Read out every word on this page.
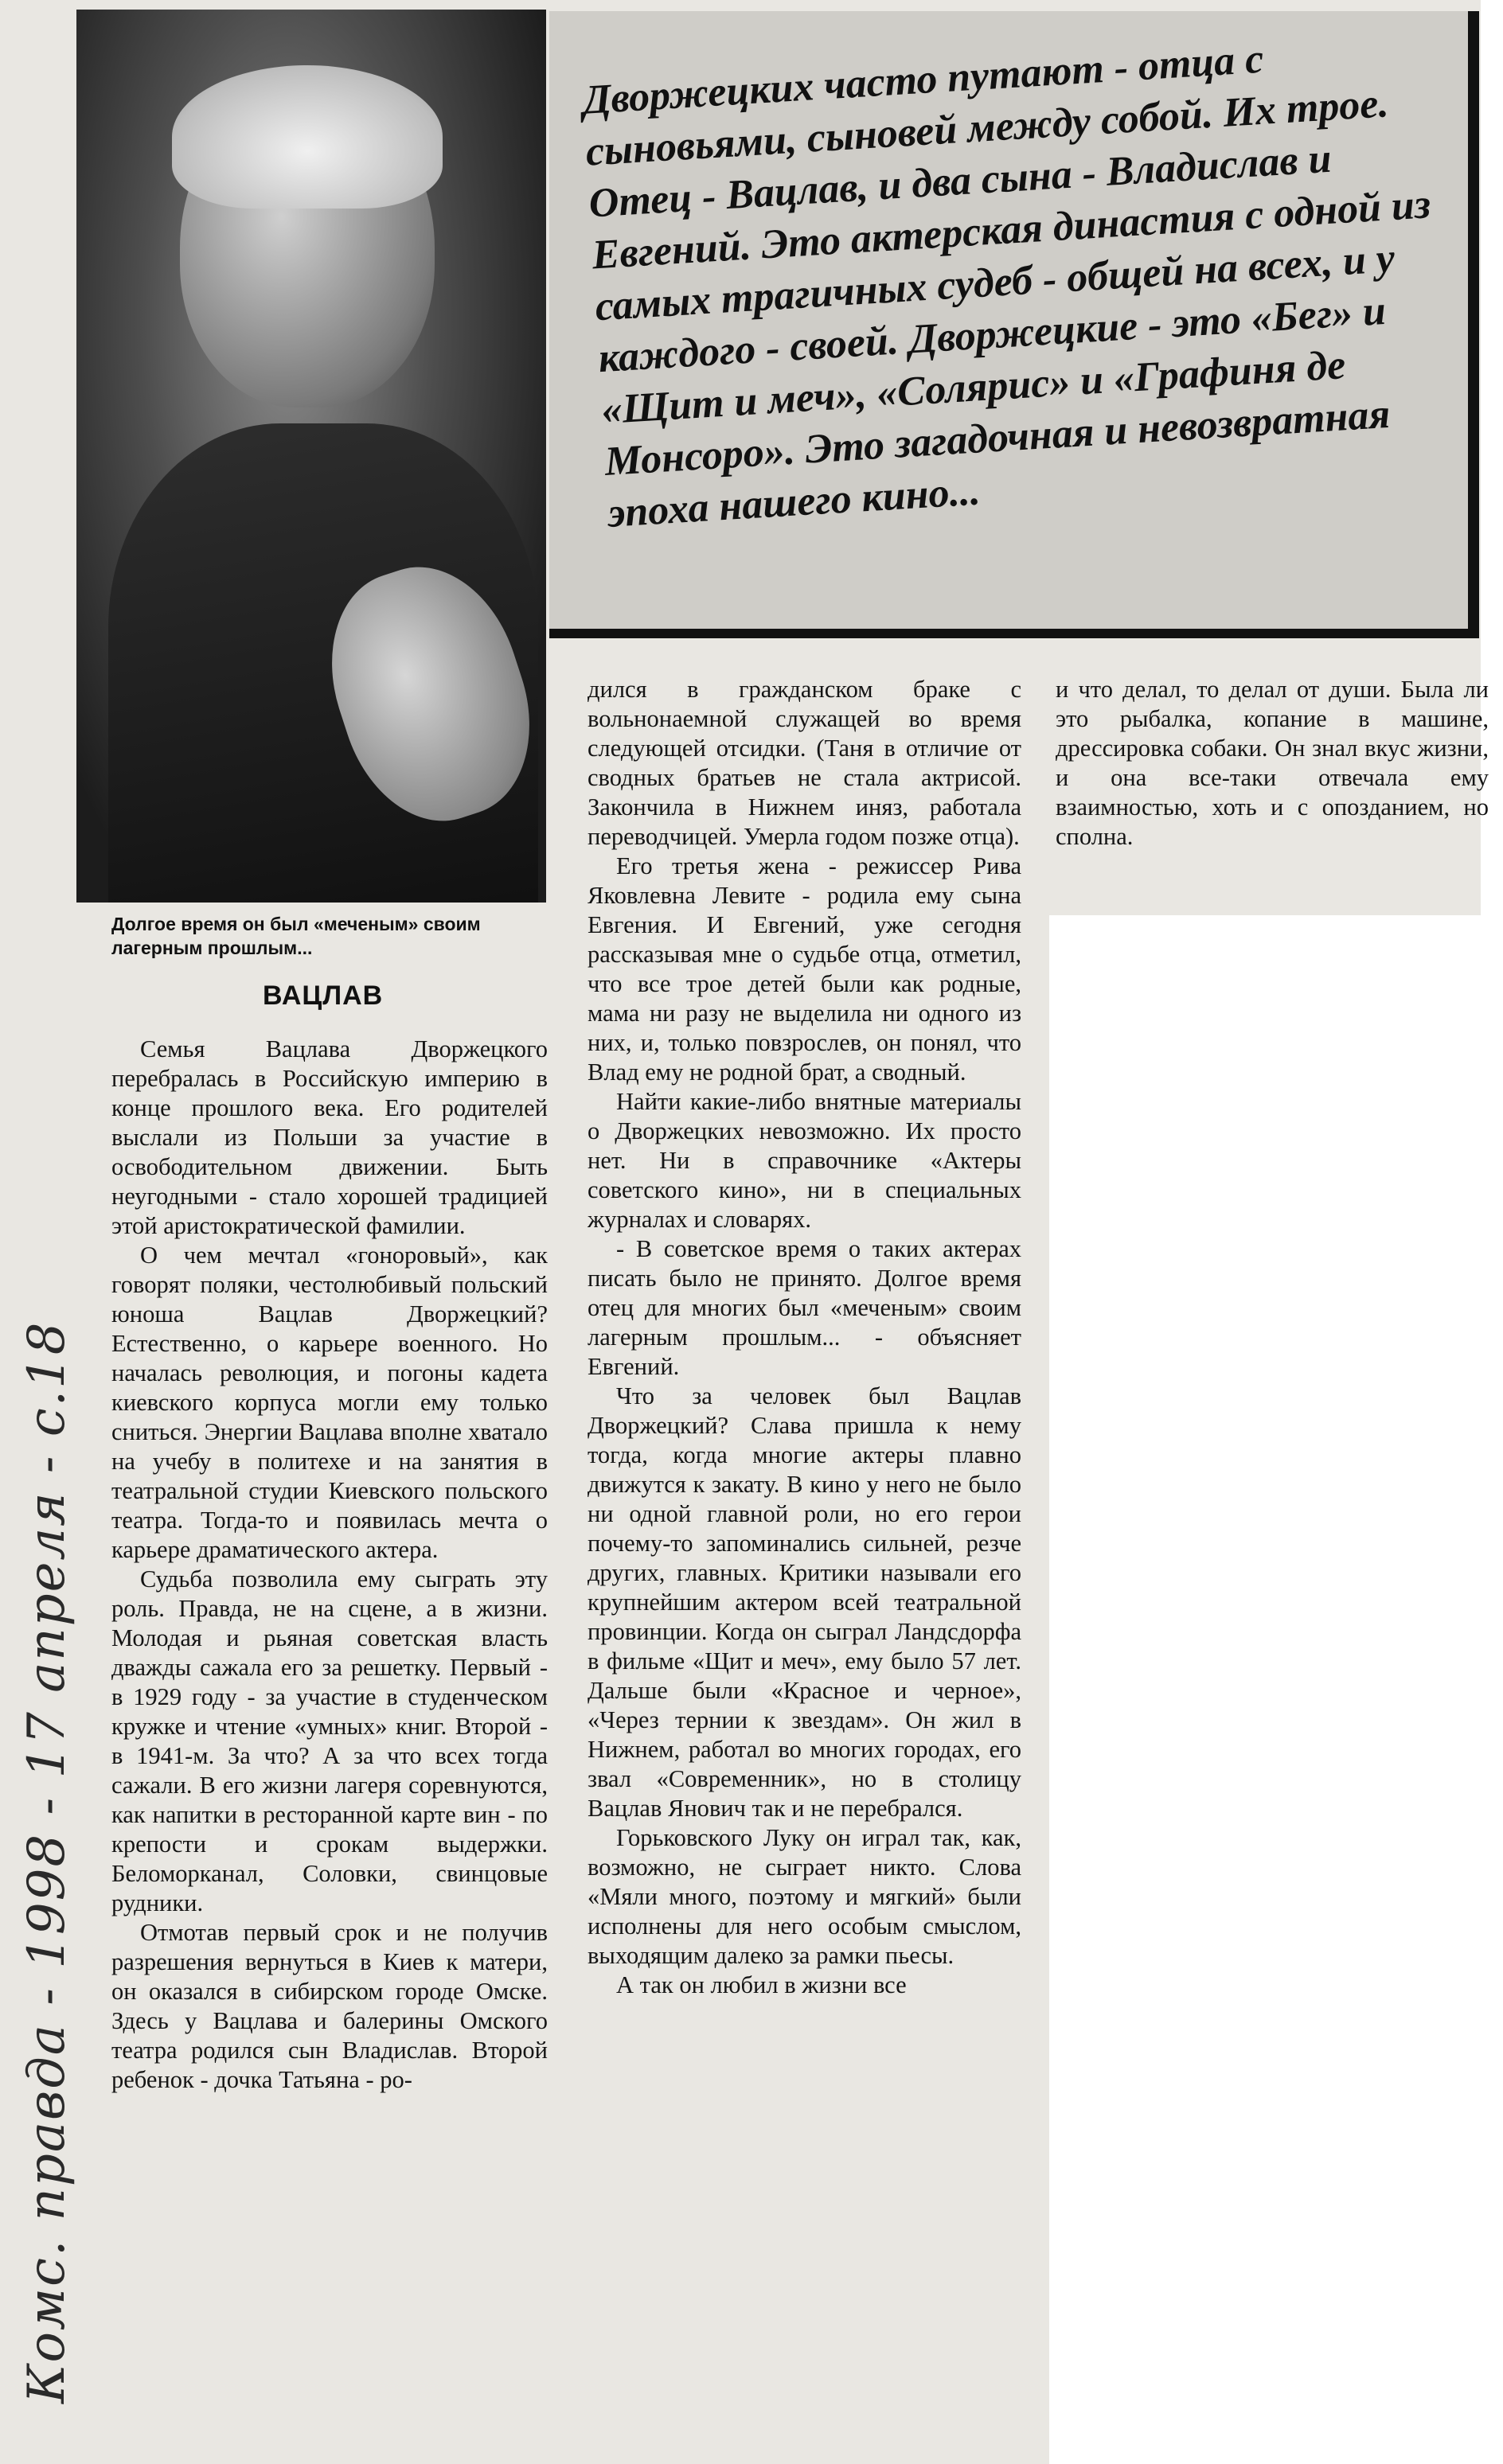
Долгое время он был «меченым» своим лагерным прошлым...

Дворжецких часто путают - отца с сыновьями, сыновей между собой. Их трое. Отец - Вацлав, и два сына - Владислав и Евгений. Это актерская династия с одной из самых трагичных судеб - общей на всех, и у каждого - своей. Дворжецкие - это «Бег» и «Щит и меч», «Солярис» и «Графиня де Монсоро». Это загадочная и невозвратная эпоха нашего кино...

ВАЦЛАВ

Семья Вацлава Дворжецкого перебралась в Российскую империю в конце прошлого века. Его родителей выслали из Польши за участие в освободительном движении. Быть неугодными - стало хорошей традицией этой аристократической фамилии.

О чем мечтал «гоноровый», как говорят поляки, честолюбивый польский юноша Вацлав Дворжецкий? Естественно, о карьере военного. Но началась революция, и погоны кадета киевского корпуса могли ему только сниться. Энергии Вацлава вполне хватало на учебу в политехе и на занятия в театральной студии Киевского польского театра. Тогда-то и появилась мечта о карьере драматического актера.

Судьба позволила ему сыграть эту роль. Правда, не на сцене, а в жизни. Молодая и рьяная советская власть дважды сажала его за решетку. Первый - в 1929 году - за участие в студенческом кружке и чтение «умных» книг. Второй - в 1941-м. За что? А за что всех тогда сажали. В его жизни лагеря соревнуются, как напитки в ресторанной карте вин - по крепости и срокам выдержки. Беломорканал, Соловки, свинцовые рудники.

Отмотав первый срок и не получив разрешения вернуться в Киев к матери, он оказался в сибирском городе Омске. Здесь у Вацлава и балерины Омского театра родился сын Владислав. Второй ребенок - дочка Татьяна - ро-

дился в гражданском браке с вольнонаемной служащей во время следующей отсидки. (Таня в отличие от сводных братьев не стала актрисой. Закончила в Нижнем иняз, работала переводчицей. Умерла годом позже отца).

Его третья жена - режиссер Рива Яковлевна Левите - родила ему сына Евгения. И Евгений, уже сегодня рассказывая мне о судьбе отца, отметил, что все трое детей были как родные, мама ни разу не выделила ни одного из них, и, только повзрослев, он понял, что Влад ему не родной брат, а сводный.

Найти какие-либо внятные материалы о Дворжецких невозможно. Их просто нет. Ни в справочнике «Актеры советского кино», ни в специальных журналах и словарях.

- В советское время о таких актерах писать было не принято. Долгое время отец для многих был «меченым» своим лагерным прошлым... - объясняет Евгений.

Что за человек был Вацлав Дворжецкий? Слава пришла к нему тогда, когда многие актеры плавно движутся к закату. В кино у него не было ни одной главной роли, но его герои почему-то запоминались сильней, резче других, главных. Критики называли его крупнейшим актером всей театральной провинции. Когда он сыграл Ландсдорфа в фильме «Щит и меч», ему было 57 лет. Дальше были «Красное и черное», «Через тернии к звездам». Он жил в Нижнем, работал во многих городах, его звал «Современник», но в столицу Вацлав Янович так и не перебрался.

Горьковского Луку он играл так, как, возможно, не сыграет никто. Слова «Мяли много, поэтому и мягкий» были исполнены для него особым смыслом, выходящим далеко за рамки пьесы.

А так он любил в жизни все

и что делал, то делал от души. Была ли это рыбалка, копание в машине, дрессировка собаки. Он знал вкус жизни, и она все-таки отвечала ему взаимностью, хоть и с опозданием, но сполна.

Комс. правда - 1998 - 17 апреля - с.18
